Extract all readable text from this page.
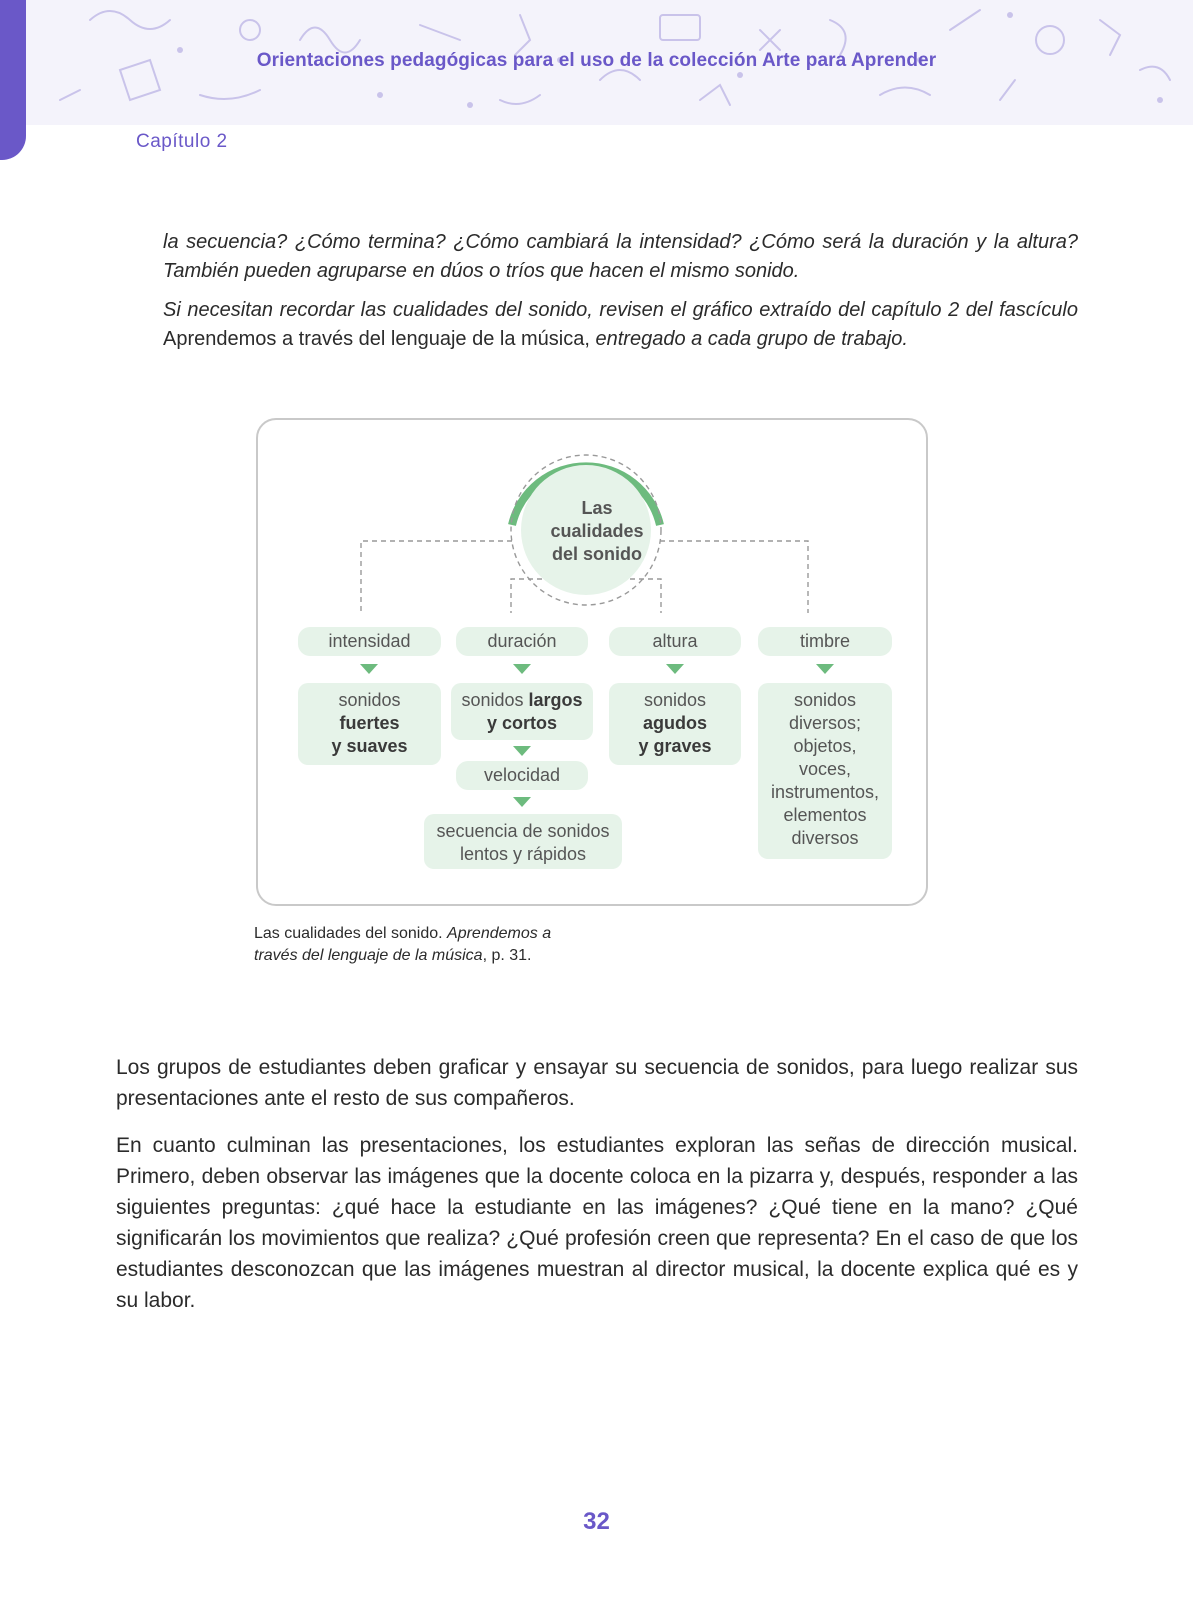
Orientaciones pedagógicas para el uso de la colección Arte para Aprender
Capítulo 2

la secuencia? ¿Cómo termina? ¿Cómo cambiará la intensidad? ¿Cómo será la duración y la altura? También pueden agruparse en dúos o tríos que hacen el mismo sonido.

Si necesitan recordar las cualidades del sonido, revisen el gráfico extraído del capítulo 2 del fascículo Aprendemos a través del lenguaje de la música, entregado a cada grupo de trabajo.

Las
cualidades
del sonido
intensidad	duración	altura	timbre
sonidos
fuertes
y suaves
sonidos largos
y cortos
velocidad
secuencia de sonidos
lentos y rápidos
sonidos
agudos
y graves
sonidos
diversos;
objetos,
voces,
instrumentos,
elementos
diversos
Las cualidades del sonido. Aprendemos a través del lenguaje de la música, p. 31.

Los grupos de estudiantes deben graficar y ensayar su secuencia de sonidos, para luego realizar sus presentaciones ante el resto de sus compañeros.

En cuanto culminan las presentaciones, los estudiantes exploran las señas de dirección musical. Primero, deben observar las imágenes que la docente coloca en la pizarra y, después, responder a las siguientes preguntas: ¿qué hace la estudiante en las imágenes? ¿Qué tiene en la mano? ¿Qué significarán los movimientos que realiza? ¿Qué profesión creen que representa? En el caso de que los estudiantes desconozcan que las imágenes muestran al director musical, la docente explica qué es y su labor.

32
